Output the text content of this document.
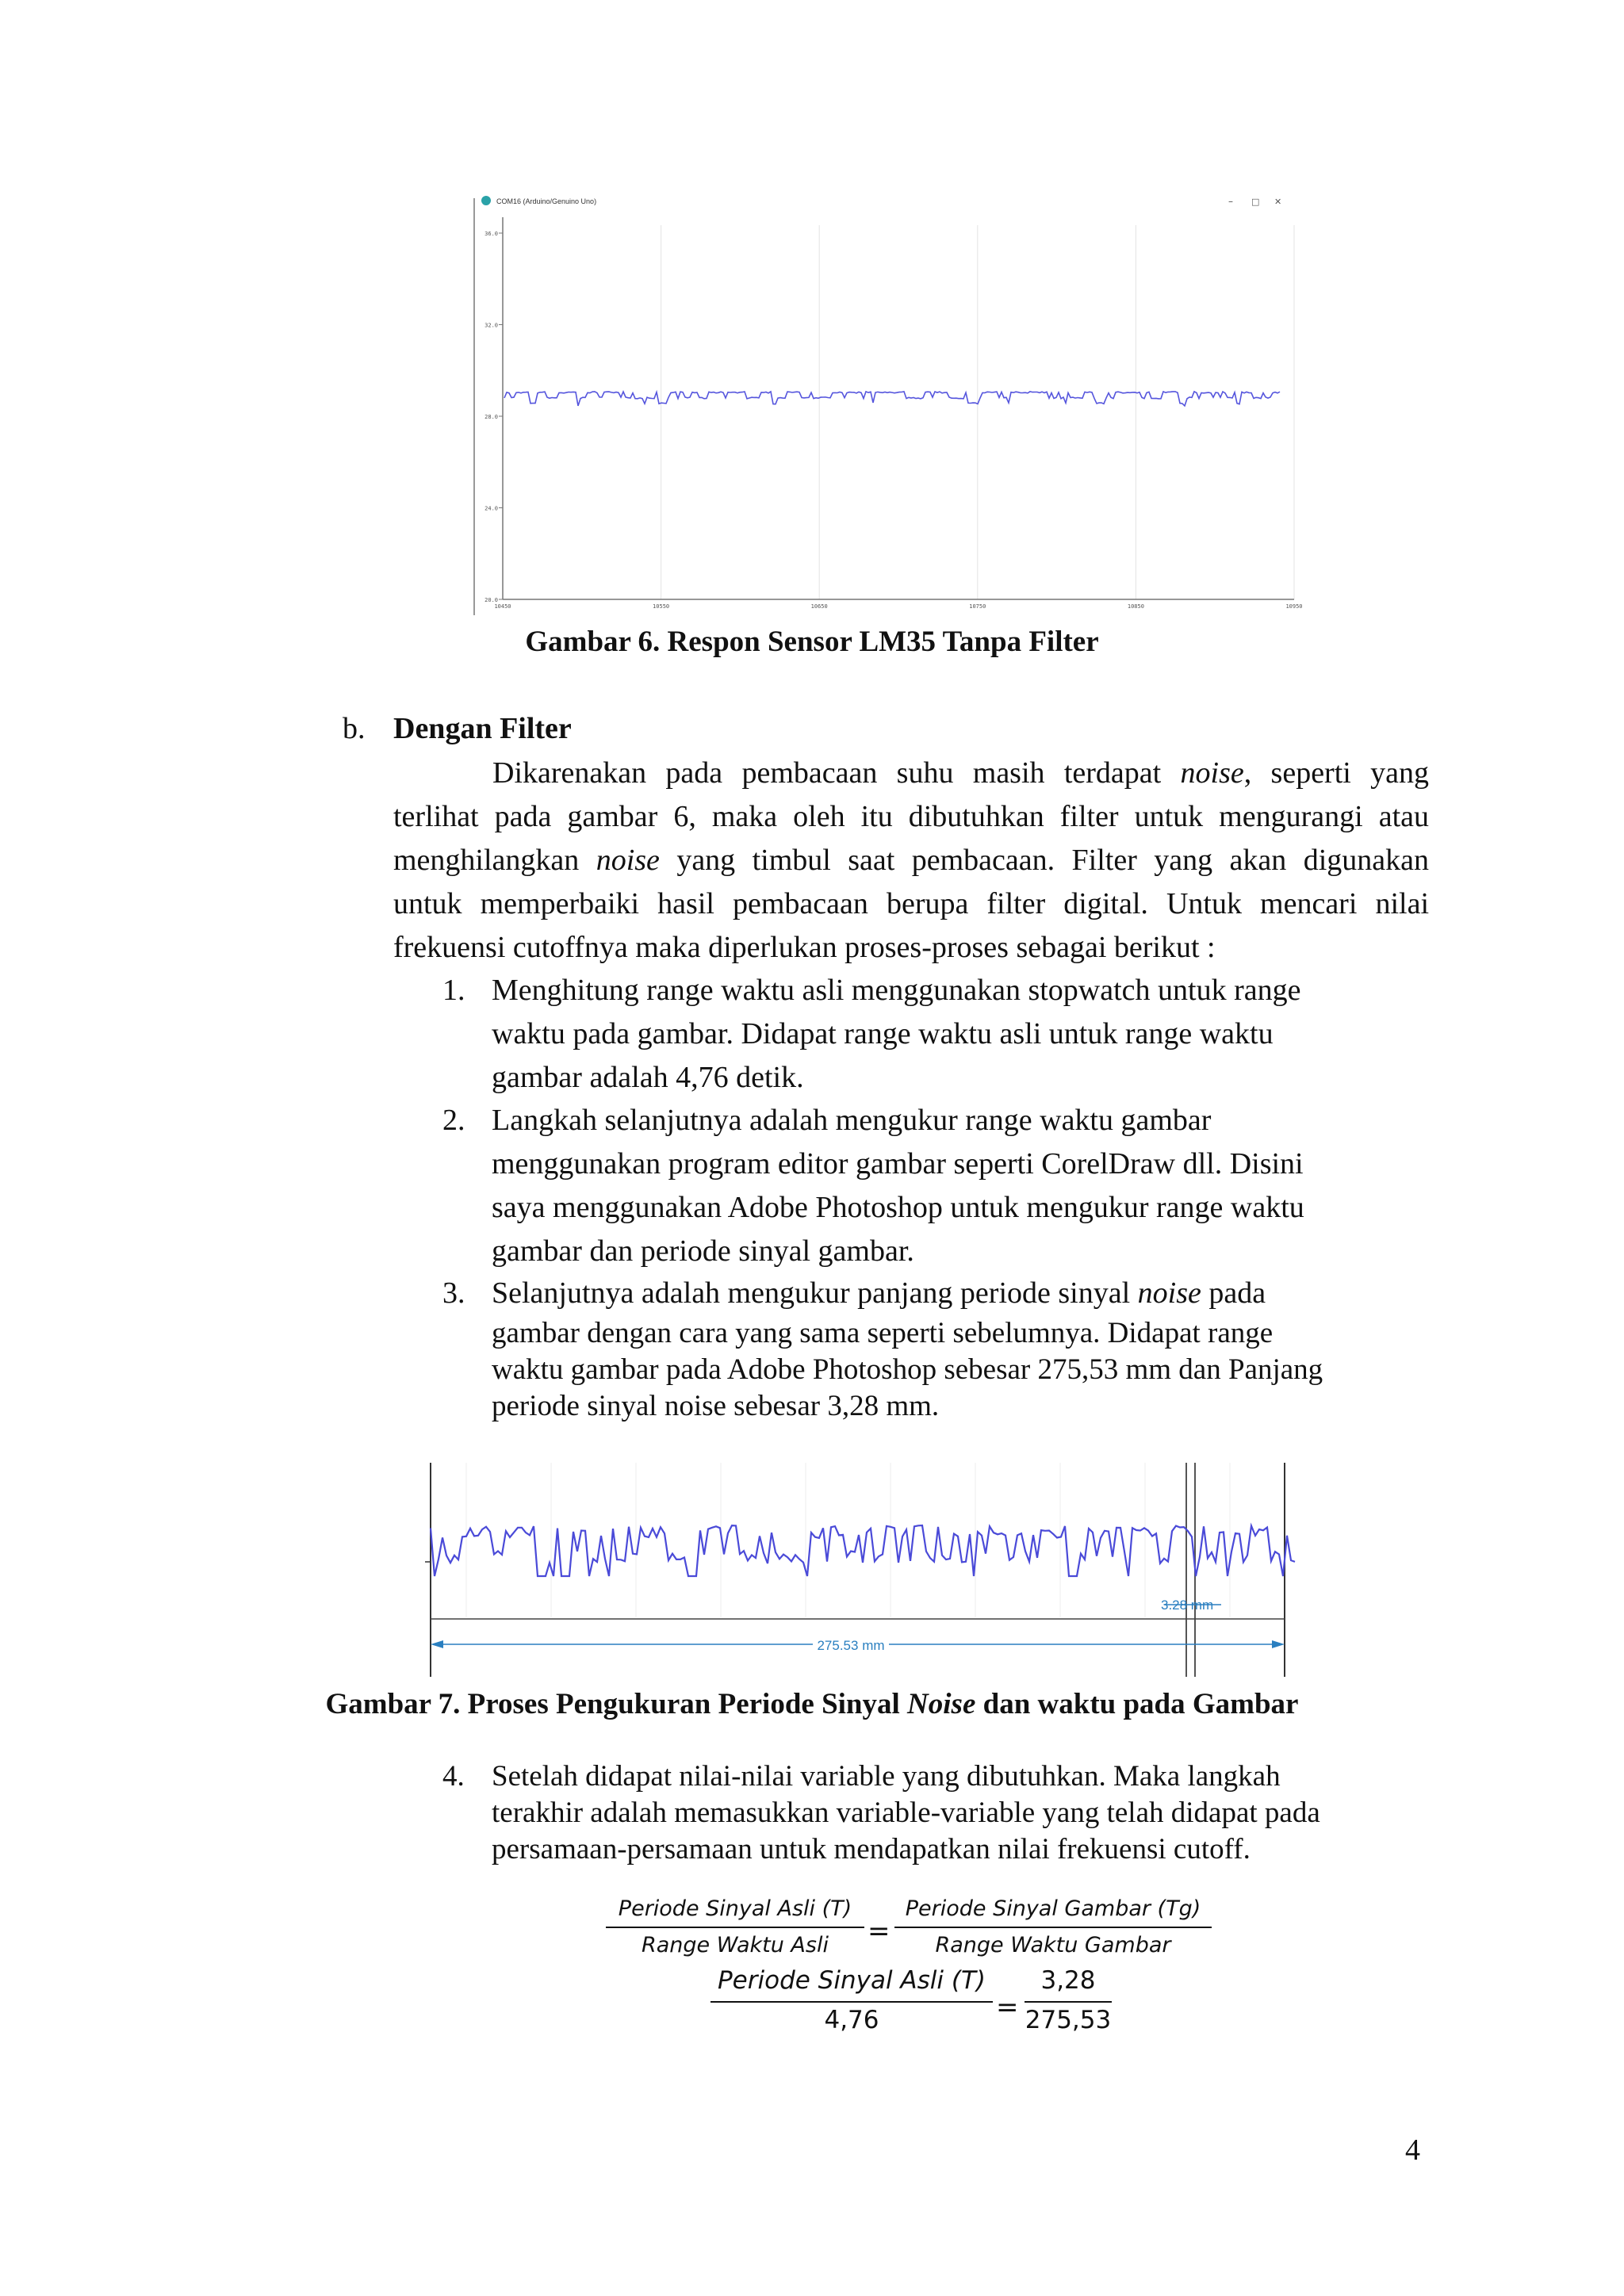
COM16 (Arduino/Genuino Uno)	– □ ✕
36.0
32.0
28.0
24.0
20.0
10450	10550	10650	10750	10850	10950
Gambar 6. Respon Sensor LM35 Tanpa Filter
b. Dengan Filter
Dikarenakan pada pembacaan suhu masih terdapat noise, seperti yang
terlihat pada gambar 6, maka oleh itu dibutuhkan filter untuk mengurangi atau
menghilangkan noise yang timbul saat pembacaan. Filter yang akan digunakan
untuk memperbaiki hasil pembacaan berupa filter digital. Untuk mencari nilai
frekuensi cutoffnya maka diperlukan proses-proses sebagai berikut :
1. Menghitung range waktu asli menggunakan stopwatch untuk range
waktu pada gambar. Didapat range waktu asli untuk range waktu
gambar adalah 4,76 detik.
2. Langkah selanjutnya adalah mengukur range waktu gambar
menggunakan program editor gambar seperti CorelDraw dll. Disini
saya menggunakan Adobe Photoshop untuk mengukur range waktu
gambar dan periode sinyal gambar.
3. Selanjutnya adalah mengukur panjang periode sinyal noise pada
gambar dengan cara yang sama seperti sebelumnya. Didapat range
waktu gambar pada Adobe Photoshop sebesar 275,53 mm dan Panjang
periode sinyal noise sebesar 3,28 mm.
3.28 mm
275.53 mm
Gambar 7. Proses Pengukuran Periode Sinyal Noise dan waktu pada Gambar
4. Setelah didapat nilai-nilai variable yang dibutuhkan. Maka langkah
terakhir adalah memasukkan variable-variable yang telah didapat pada
persamaan-persamaan untuk mendapatkan nilai frekuensi cutoff.
Periode Sinyal Asli (T)
Range Waktu Asli	=
Periode Sinyal Gambar (Tg)
Range Waktu Gambar
Periode Sinyal Asli (T)
4,76	=
3,28
275,53
4
